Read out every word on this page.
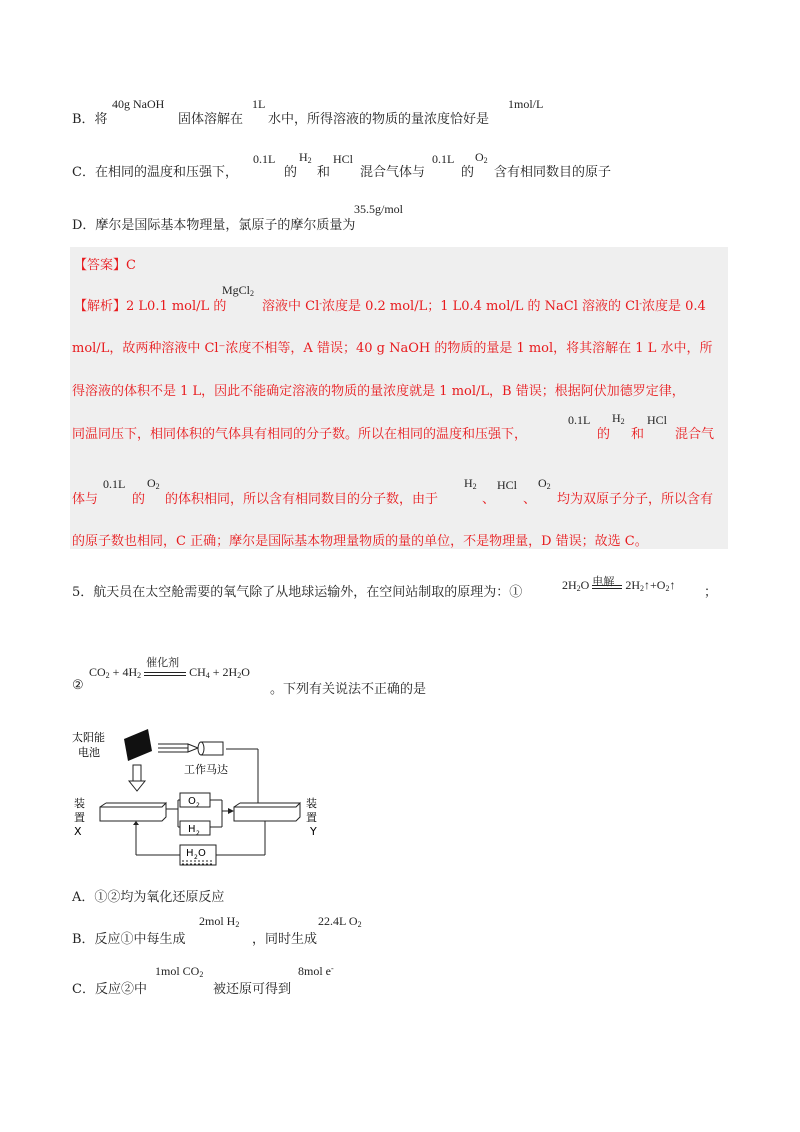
B．将
40g NaOH
固体溶解在
1L
水中，所得溶液的物质的量浓度恰好是
1mol/L
C．在相同的温度和压强下，
0.1L
的
$H_2$
和
HCl
混合气体与
0.1L
的
$O_2$
含有相同数目的原子
D．摩尔是国际基本物理量，氯原子的摩尔质量为
35.5g/mol
【答案】C
【解析】2 L0.1 mol/L 的
MgCl$_2$
溶液中 Cl-浓度是 0.2 mol/L；1 L0.4 mol/L 的 NaCl 溶液的 Cl-浓度是 0.4
mol/L，故两种溶液中 Cl⁻浓度不相等，A 错误；40 g NaOH 的物质的量是 1 mol，将其溶解在 1 L 水中，所
得溶液的体积不是 1 L，因此不能确定溶液的物质的量浓度就是 1 mol/L，B 错误；根据阿伏加德罗定律，
同温同压下，相同体积的气体具有相同的分子数。所以在相同的温度和压强下，
0.1L
的
$H_2$
和
HCl
混合气
体与
0.1L
的
$O_2$
的体积相同，所以含有相同数目的分子数，由于
$H_2$
、
HCl
、
$O_2$
均为双原子分子，所以含有
的原子数也相同，C 正确；摩尔是国际基本物理量物质的量的单位，不是物理量，D 错误；故选 C。
5．航天员在太空舱需要的氧气除了从地球运输外，在空间站制取的原理为：①	$2H_2O$ 电解 $2H_2↑+O_2↑$ ；
②
$CO_2 + 4H_2$
催化剂
$CH_4 + 2H_2O$
。下列有关说法不正确的是
太阳能
电池
工作马达
装
置
X
装
置
Y
O 2
H 2
H 2 O
A．①②均为氧化还原反应
B．反应①中每生成
2mol $H_2$
，同时生成
22.4L $O_2$
C．反应②中
1mol $CO_2$
被还原可得到
8mol e-
